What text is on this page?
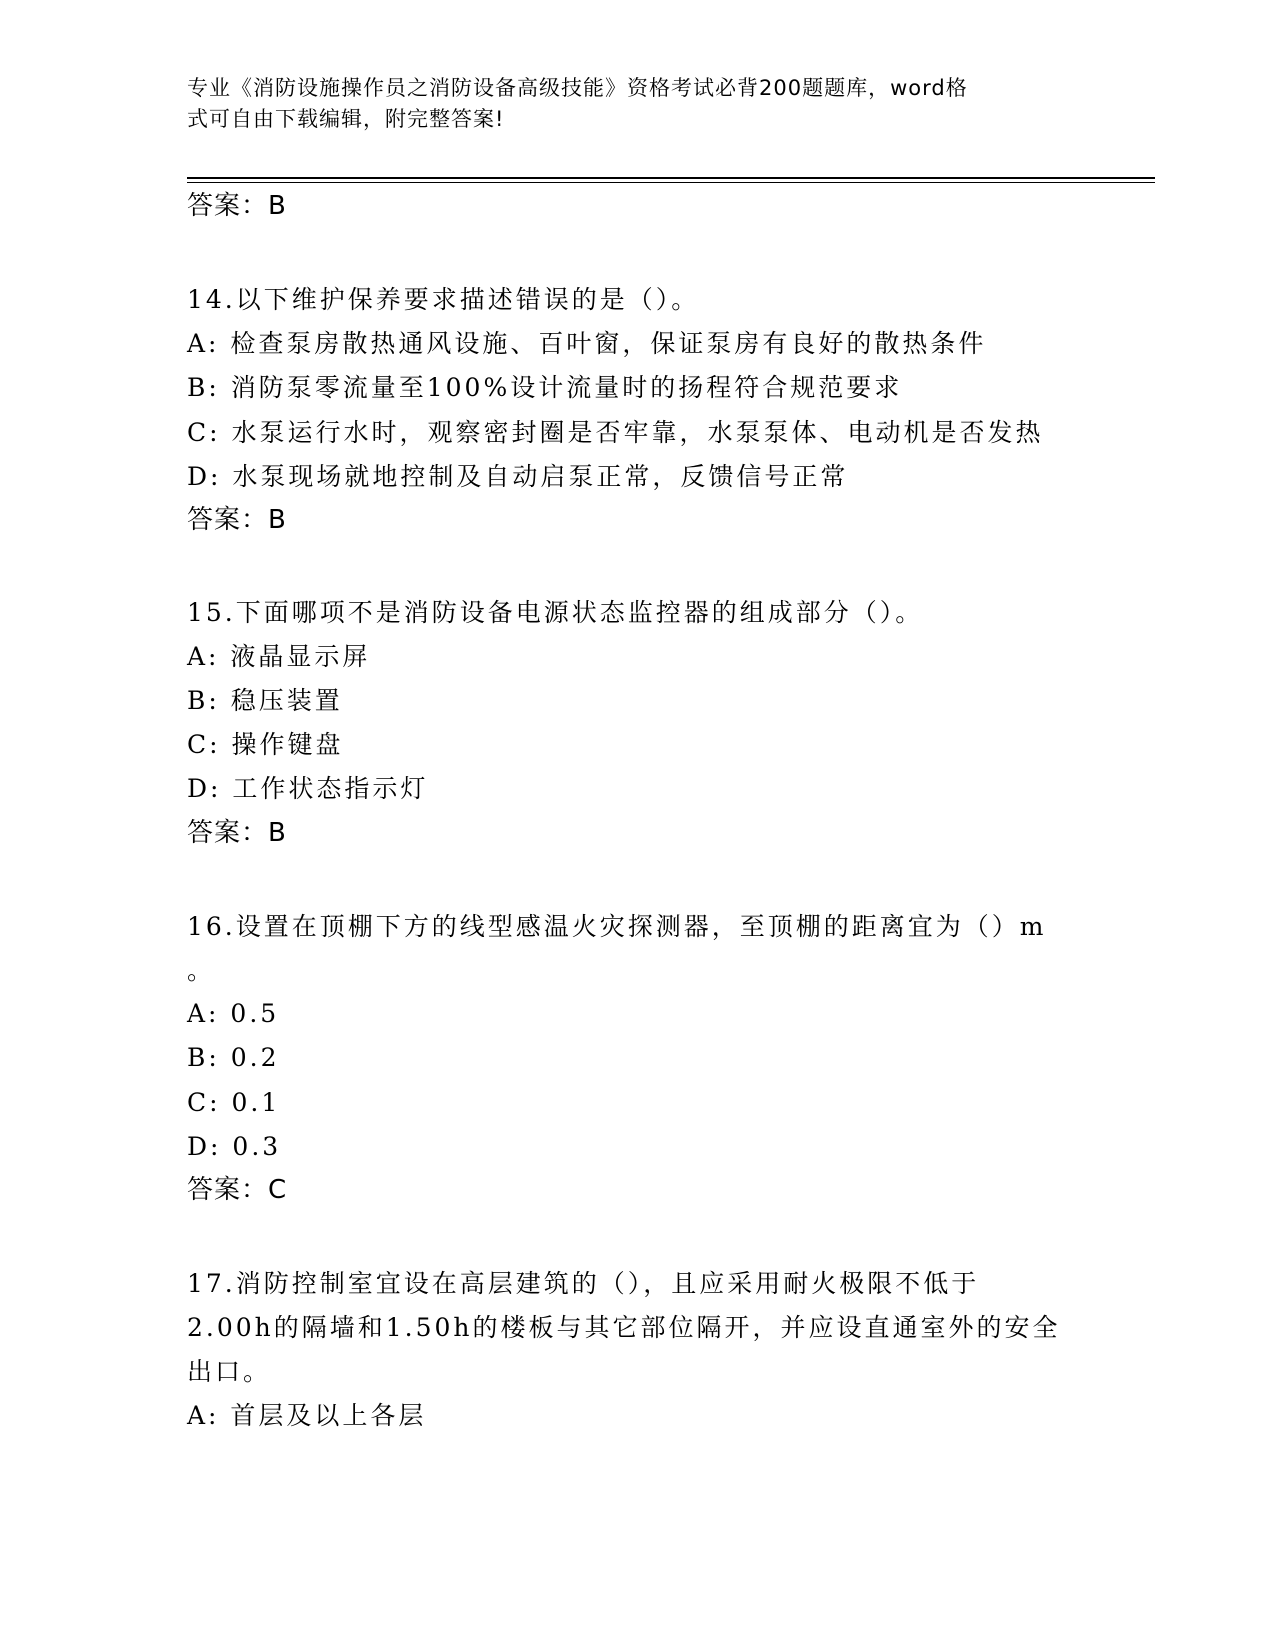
专业《消防设施操作员之消防设备高级技能》资格考试必背200题题库，word格
式可自由下载编辑，附完整答案!
答案：B
14.以下维护保养要求描述错误的是（）。
A: 检查泵房散热通风设施、百叶窗，保证泵房有良好的散热条件
B: 消防泵零流量至100%设计流量时的扬程符合规范要求
C: 水泵运行水时，观察密封圈是否牢靠，水泵泵体、电动机是否发热
D: 水泵现场就地控制及自动启泵正常，反馈信号正常
答案：B
15.下面哪项不是消防设备电源状态监控器的组成部分（）。
A: 液晶显示屏
B: 稳压装置
C: 操作键盘
D: 工作状态指示灯
答案：B
16.设置在顶棚下方的线型感温火灾探测器，至顶棚的距离宜为（）m
。
A: 0.5
B: 0.2
C: 0.1
D: 0.3
答案：C
17.消防控制室宜设在高层建筑的（），且应采用耐火极限不低于
2.00h的隔墙和1.50h的楼板与其它部位隔开，并应设直通室外的安全
出口。
A: 首层及以上各层
